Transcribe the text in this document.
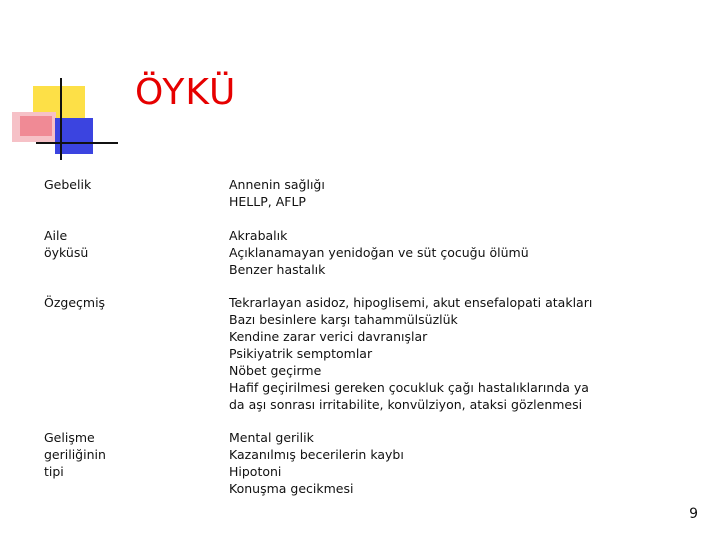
ÖYKÜ
Gebelik	Annenin sağlığı
HELLP, AFLP
Aile öyküsü
Akrabalık
Açıklanamayan yenidoğan ve süt çocuğu ölümü
Benzer hastalık
Özgeçmiş	Tekrarlayan asidoz, hipoglisemi, akut ensefalopati atakları
Bazı besinlere karşı tahammülsüzlük
Kendine zarar verici davranışlar
Psikiyatrik semptomlar
Nöbet geçirme
Hafif geçirilmesi gereken çocukluk çağı hastalıklarında ya
da aşı sonrası irritabilite, konvülziyon, ataksi gözlenmesi
Gelişme geriliğinin tipi
Mental gerilik
Kazanılmış becerilerin kaybı
Hipotoni
Konuşma gecikmesi
9
